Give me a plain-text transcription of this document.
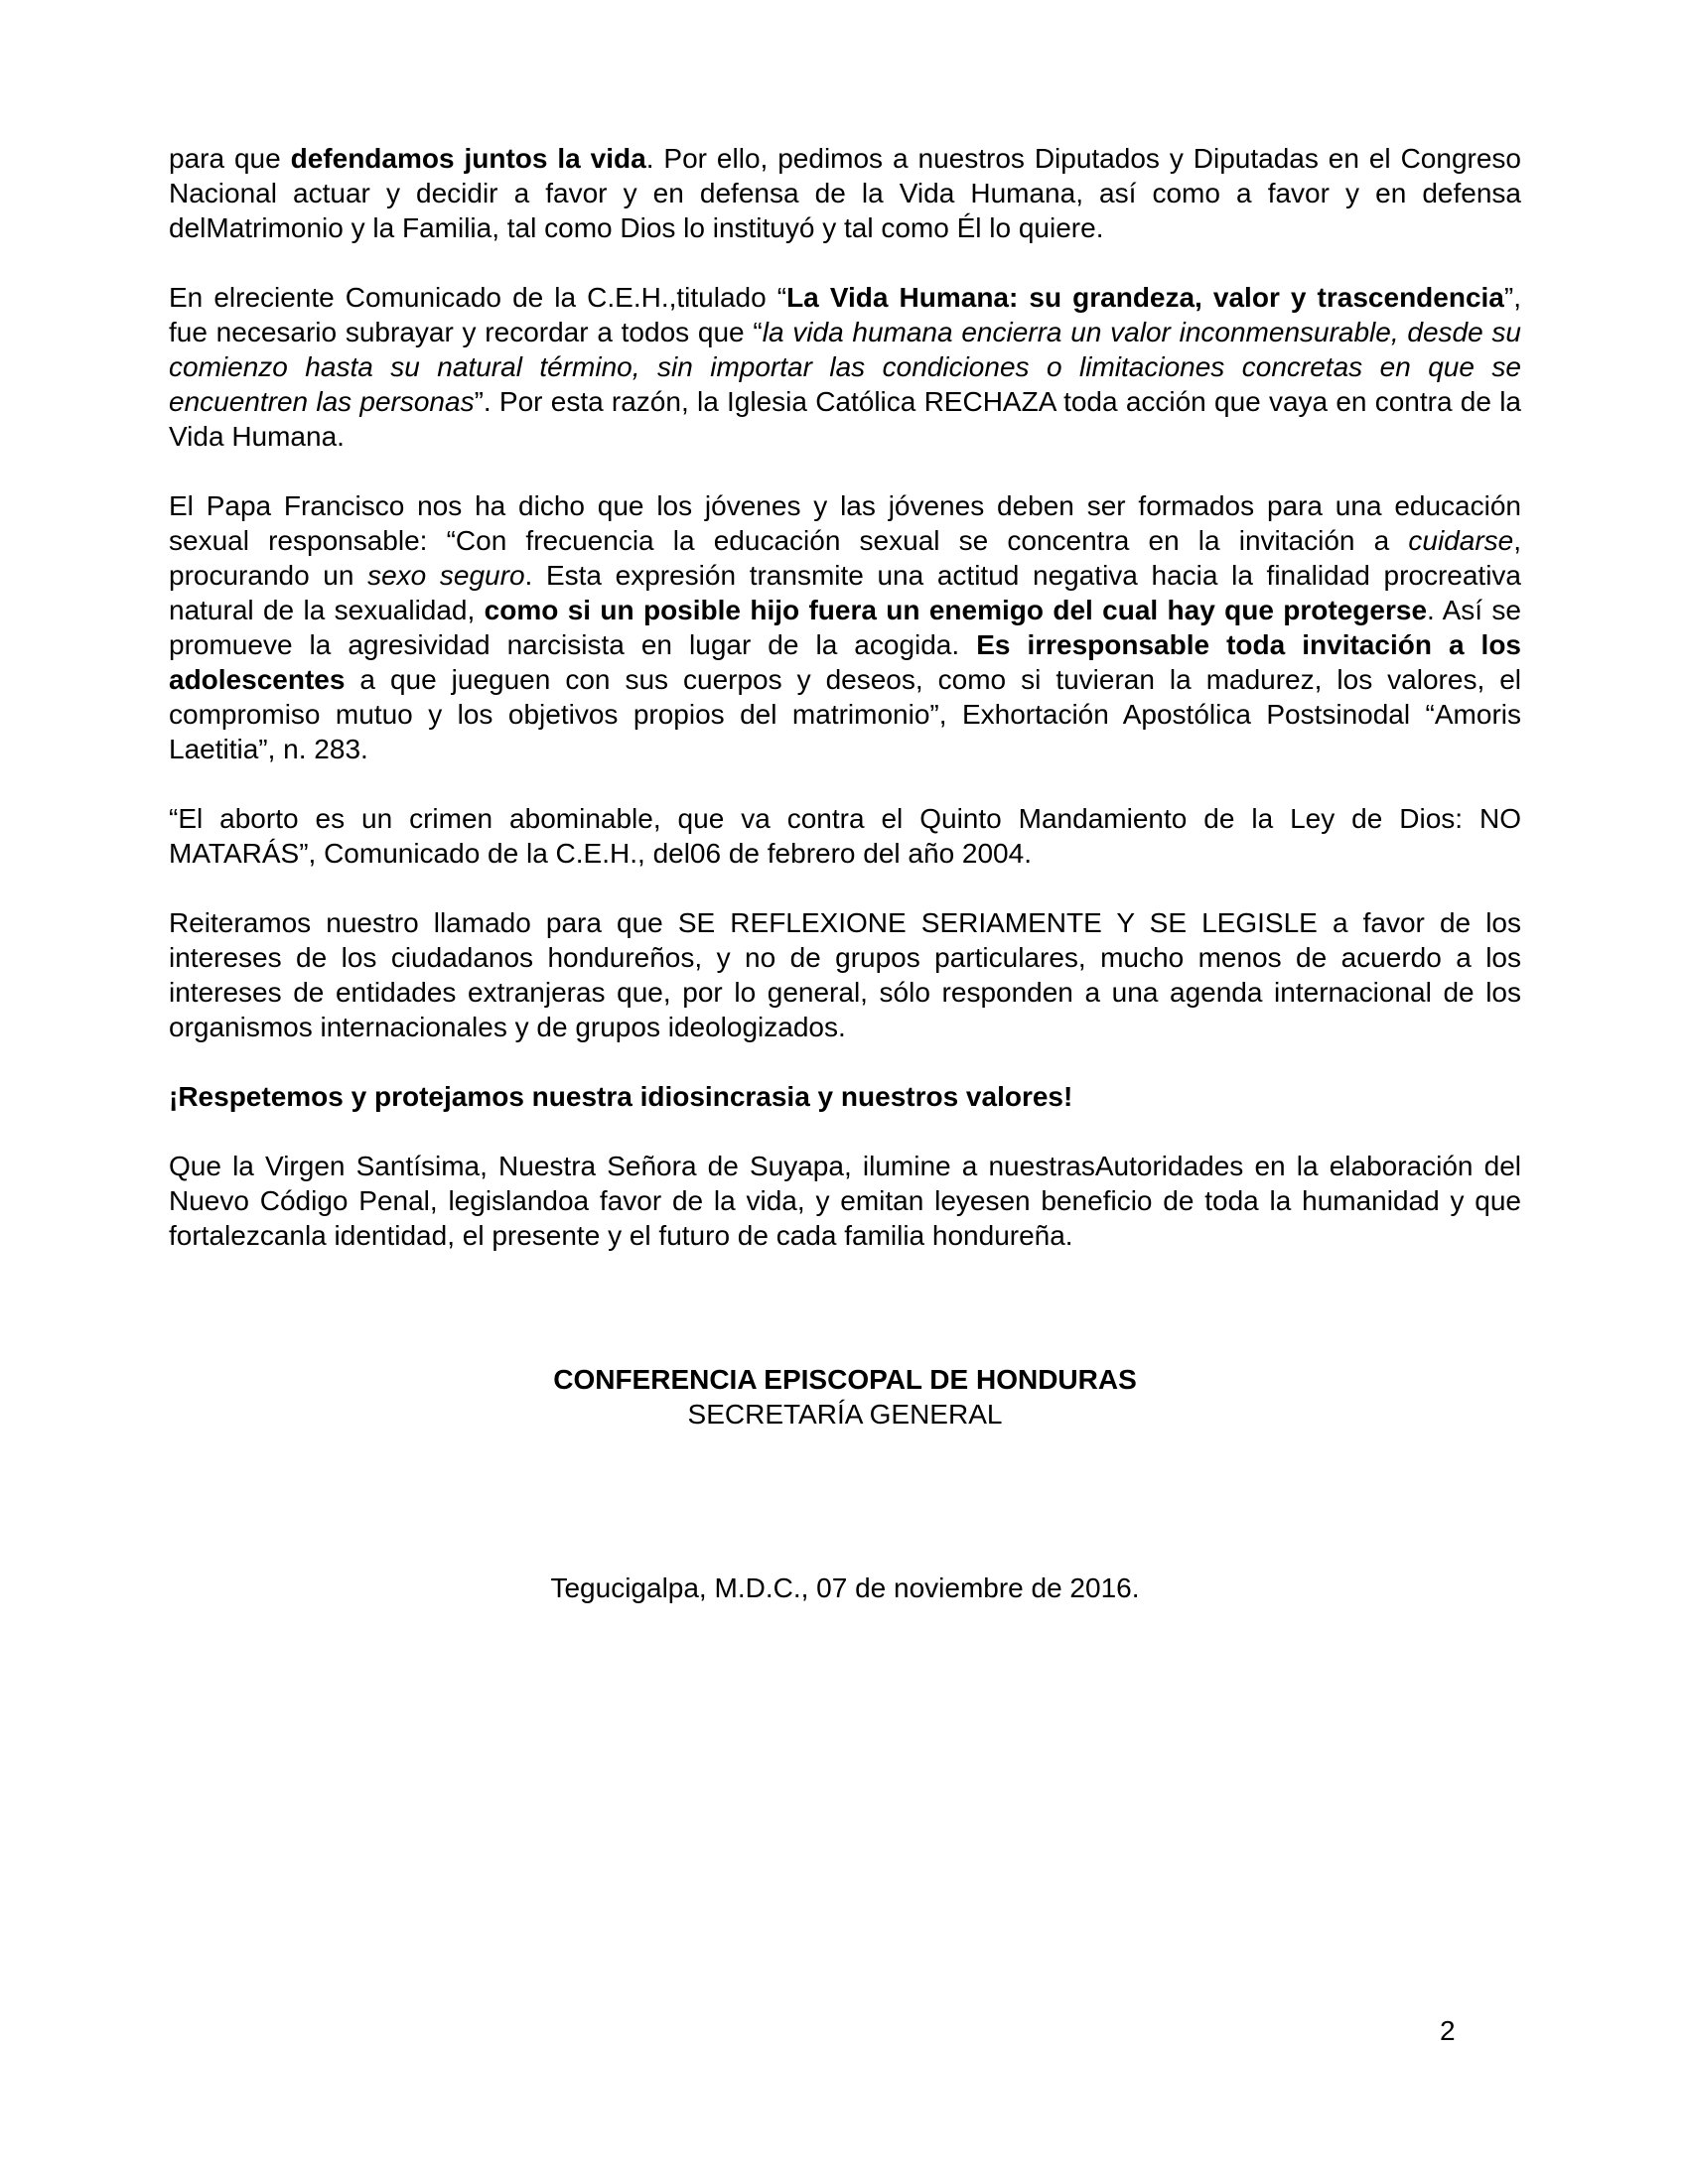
para que defendamos juntos la vida. Por ello, pedimos a nuestros Diputados y Diputadas en el Congreso Nacional actuar y decidir a favor y en defensa de la Vida Humana, así como a favor y en defensa delMatrimonio y la Familia, tal como Dios lo instituyó y tal como Él lo quiere.

En elreciente Comunicado de la C.E.H.,titulado “La Vida Humana: su grandeza, valor y trascendencia”, fue necesario subrayar y recordar a todos que “la vida humana encierra un valor inconmensurable, desde su comienzo hasta su natural término, sin importar las condiciones o limitaciones concretas en que se encuentren las personas”. Por esta razón, la Iglesia Católica RECHAZA toda acción que vaya en contra de la Vida Humana.

El Papa Francisco nos ha dicho que los jóvenes y las jóvenes deben ser formados para una educación sexual responsable: “Con frecuencia la educación sexual se concentra en la invitación a cuidarse, procurando un sexo seguro. Esta expresión transmite una actitud negativa hacia la finalidad procreativa natural de la sexualidad, como si un posible hijo fuera un enemigo del cual hay que protegerse. Así se promueve la agresividad narcisista en lugar de la acogida. Es irresponsable toda invitación a los adolescentes a que jueguen con sus cuerpos y deseos, como si tuvieran la madurez, los valores, el compromiso mutuo y los objetivos propios del matrimonio”, Exhortación Apostólica Postsinodal “Amoris Laetitia”, n. 283.

“El aborto es un crimen abominable, que va contra el Quinto Mandamiento de la Ley de Dios: NO MATARÁS”, Comunicado de la C.E.H., del06 de febrero del año 2004.

Reiteramos nuestro llamado para que SE REFLEXIONE SERIAMENTE Y SE LEGISLE a favor de los intereses de los ciudadanos hondureños, y no de grupos particulares, mucho menos de acuerdo a los intereses de entidades extranjeras que, por lo general, sólo responden a una agenda internacional de los organismos internacionales y de grupos ideologizados.

¡Respetemos y protejamos nuestra idiosincrasia y nuestros valores!

Que la Virgen Santísima, Nuestra Señora de Suyapa, ilumine a nuestrasAutoridades en la elaboración del Nuevo Código Penal, legislandoa favor de la vida, y emitan leyesen beneficio de toda la humanidad y que fortalezcanla identidad, el presente y el futuro de cada familia hondureña.

CONFERENCIA EPISCOPAL DE HONDURAS
SECRETARÍA GENERAL
Tegucigalpa, M.D.C., 07 de noviembre de 2016.
2
